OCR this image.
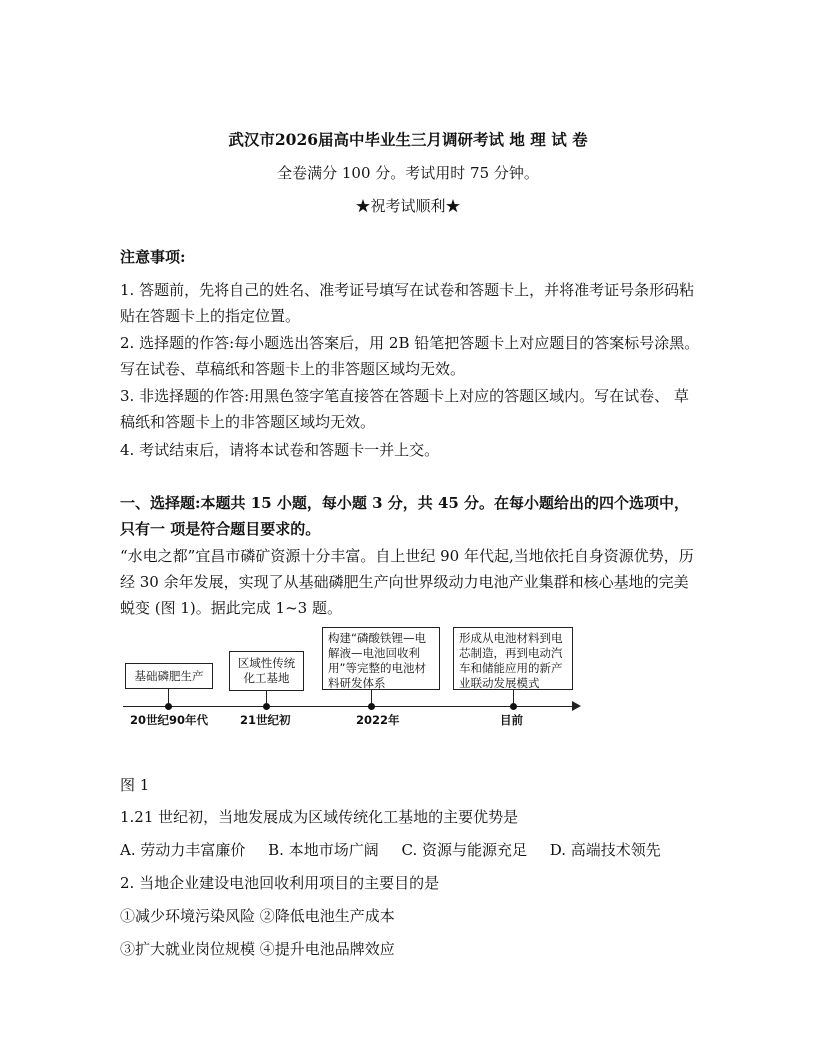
武汉市2026届高中毕业生三月调研考试 地 理 试 卷
全卷满分 100 分。考试用时 75 分钟。
★祝考试顺利★
注意事项:
1. 答题前，先将自己的姓名、准考证号填写在试卷和答题卡上，并将准考证号条形码粘贴在答题卡上的指定位置。
2. 选择题的作答:每小题选出答案后，用 2B 铅笔把答题卡上对应题目的答案标号涂黑。写在试卷、草稿纸和答题卡上的非答题区域均无效。
3. 非选择题的作答:用黑色签字笔直接答在答题卡上对应的答题区域内。写在试卷、 草稿纸和答题卡上的非答题区域均无效。
4. 考试结束后，请将本试卷和答题卡一并上交。
一、选择题:本题共 15 小题，每小题 3 分，共 45 分。在每小题给出的四个选项中，只有一 项是符合题目要求的。
“水电之都”宜昌市磷矿资源十分丰富。自上世纪 90 年代起,当地依托自身资源优势，历经 30 余年发展，实现了从基础磷肥生产向世界级动力电池产业集群和核心基地的完美蜕变 (图 1)。据此完成 1~3 题。
基础磷肥生产
区域性传统化工基地
构建“磷酸铁锂—电解液—电池回收利用”等完整的电池材料研发体系
形成从电池材料到电芯制造，再到电动汽车和储能应用的新产业联动发展模式
20世纪90年代	21世纪初	2022年	目前
图 1
1.21 世纪初，当地发展成为区域传统化工基地的主要优势是
A. 劳动力丰富廉价 B. 本地市场广阔 C. 资源与能源充足 D. 高端技术领先
2. 当地企业建设电池回收利用项目的主要目的是
①减少环境污染风险 ②降低电池生产成本
③扩大就业岗位规模 ④提升电池品牌效应
